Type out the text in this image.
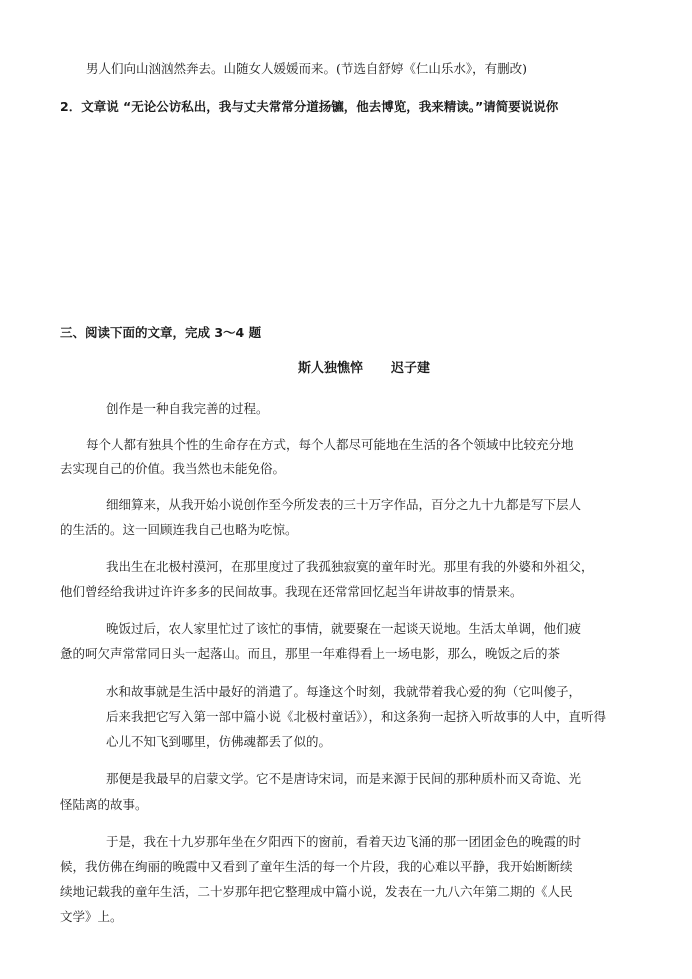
男人们向山汹汹然奔去。山随女人媛媛而来。(节选自舒婷《仁山乐水》，有删改)
2．文章说 “无论公访私出，我与丈夫常常分道扬镳，他去博览，我来精读。”请简要说说你
三、阅读下面的文章，完成 3～4 题
斯人独憔悴 迟子建
创作是一种自我完善的过程。
每个人都有独具个性的生命存在方式，每个人都尽可能地在生活的各个领域中比较充分地
去实现自己的价值。我当然也未能免俗。
细细算来，从我开始小说创作至今所发表的三十万字作品，百分之九十九都是写下层人
的生活的。这一回顾连我自己也略为吃惊。
我出生在北极村漠河，在那里度过了我孤独寂寞的童年时光。那里有我的外婆和外祖父，
他们曾经给我讲过许许多多的民间故事。我现在还常常回忆起当年讲故事的情景来。
晚饭过后，农人家里忙过了该忙的事情，就要聚在一起谈天说地。生活太单调，他们疲
惫的呵欠声常常同日头一起落山。而且，那里一年难得看上一场电影，那么，晚饭之后的茶
水和故事就是生活中最好的消遣了。每逢这个时刻，我就带着我心爱的狗（它叫傻子，
后来我把它写入第一部中篇小说《北极村童话》），和这条狗一起挤入听故事的人中，直听得
心儿不知飞到哪里，仿佛魂都丢了似的。
那便是我最早的启蒙文学。它不是唐诗宋词，而是来源于民间的那种质朴而又奇诡、光
怪陆离的故事。
于是，我在十九岁那年坐在夕阳西下的窗前，看着天边飞涌的那一团团金色的晚霞的时
候，我仿佛在绚丽的晚霞中又看到了童年生活的每一个片段，我的心难以平静，我开始断断续
续地记载我的童年生活，二十岁那年把它整理成中篇小说，发表在一九八六年第二期的《人民
文学》上。
